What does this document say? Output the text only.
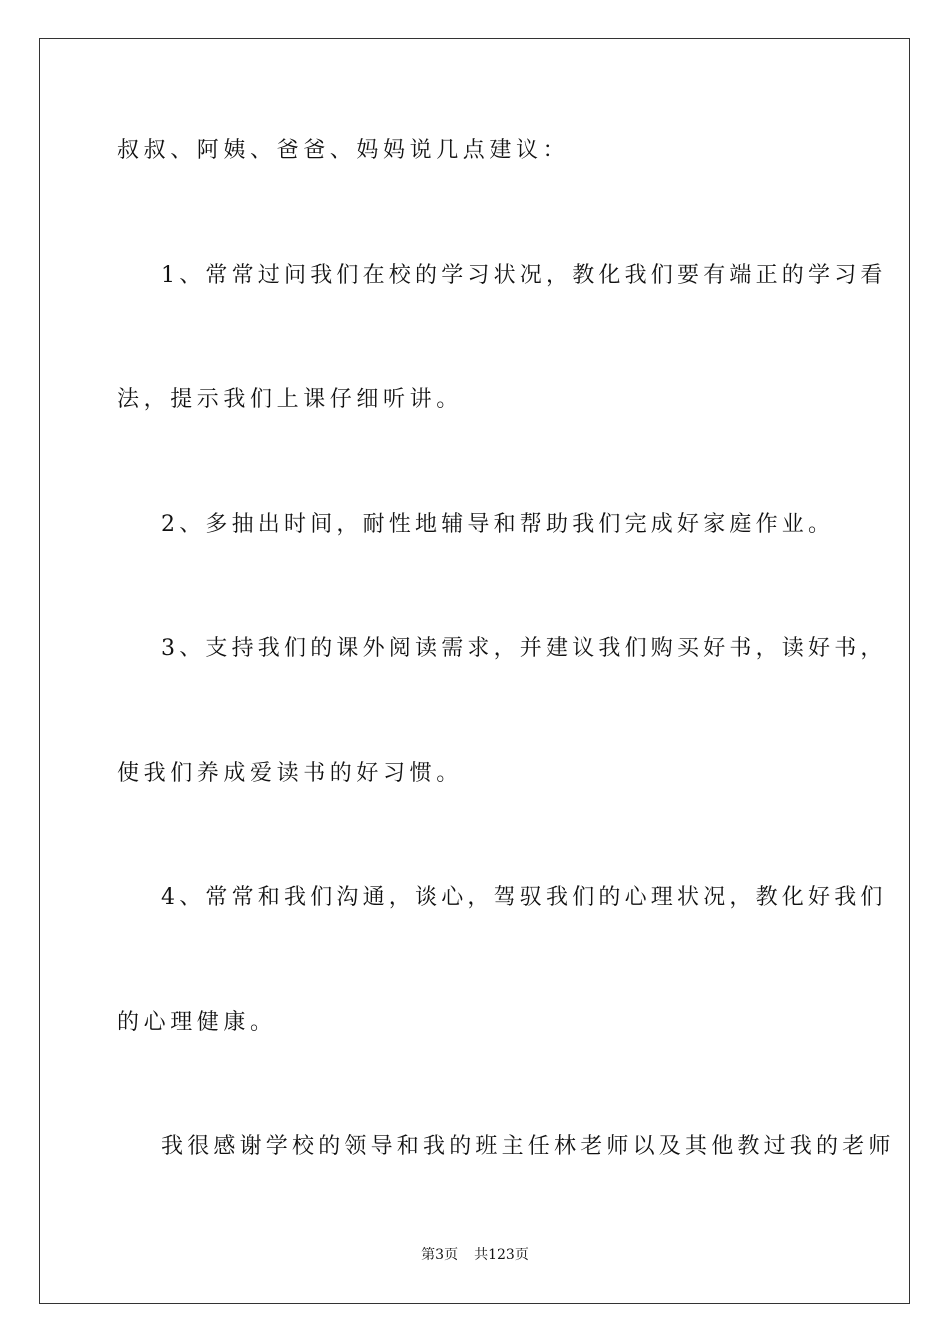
叔叔、阿姨、爸爸、妈妈说几点建议：
1、常常过问我们在校的学习状况，教化我们要有端正的学习看
法，提示我们上课仔细听讲。
2、多抽出时间，耐性地辅导和帮助我们完成好家庭作业。
3、支持我们的课外阅读需求，并建议我们购买好书，读好书，
使我们养成爱读书的好习惯。
4、常常和我们沟通，谈心，驾驭我们的心理状况，教化好我们
的心理健康。
我很感谢学校的领导和我的班主任林老师以及其他教过我的老师
第3页 共123页
